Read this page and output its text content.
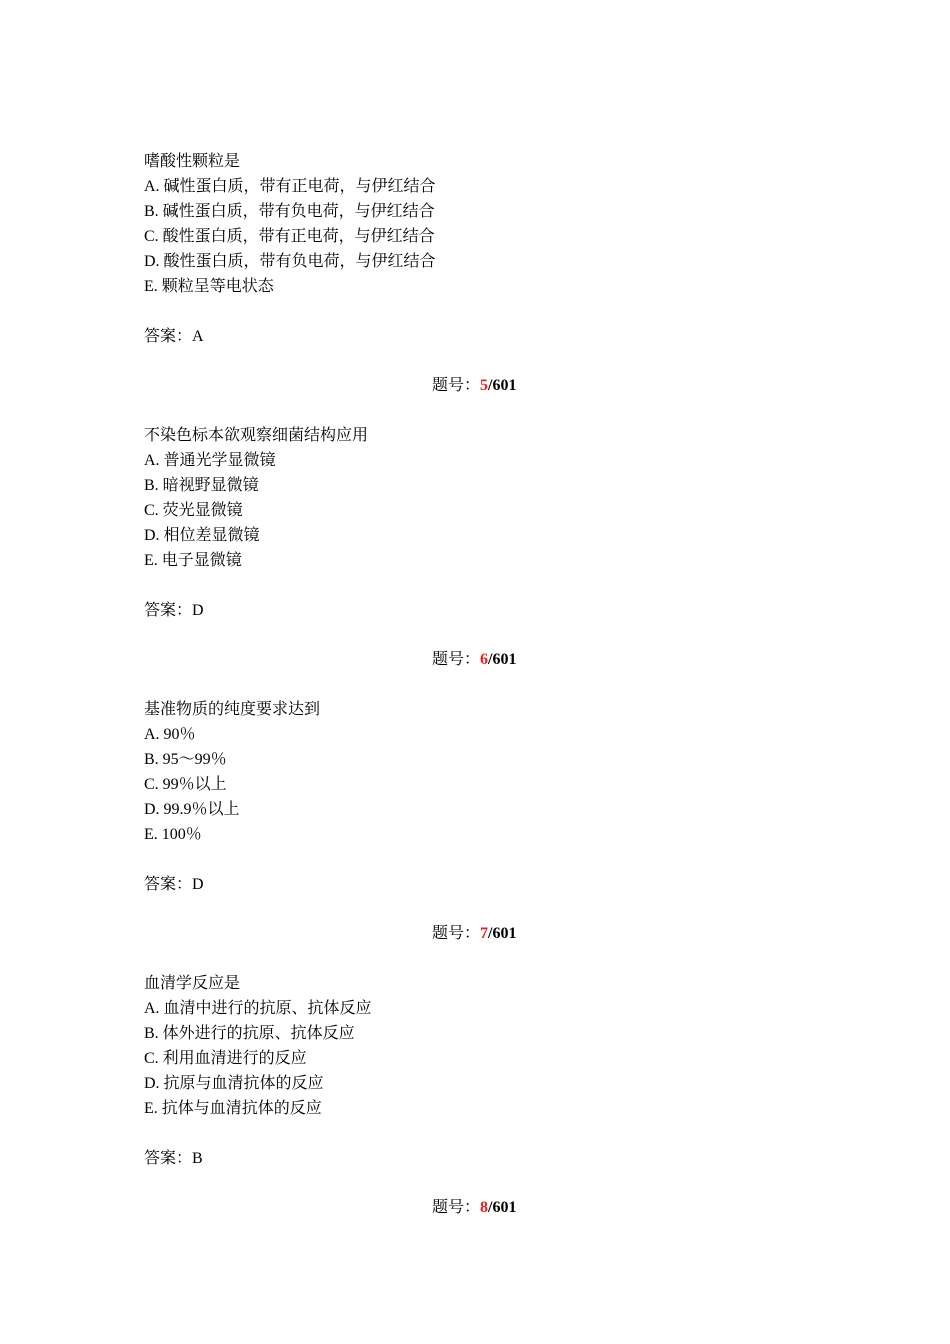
嗜酸性颗粒是
A. 碱性蛋白质，带有正电荷，与伊红结合
B. 碱性蛋白质，带有负电荷，与伊红结合
C. 酸性蛋白质，带有正电荷，与伊红结合
D. 酸性蛋白质，带有负电荷，与伊红结合
E. 颗粒呈等电状态
答案：A
题号：5/601
不染色标本欲观察细菌结构应用
A. 普通光学显微镜
B. 暗视野显微镜
C. 荧光显微镜
D. 相位差显微镜
E. 电子显微镜
答案：D
题号：6/601
基准物质的纯度要求达到
A. 90％
B. 95～99％
C. 99％以上
D. 99.9％以上
E. 100％
答案：D
题号：7/601
血清学反应是
A. 血清中进行的抗原、抗体反应
B. 体外进行的抗原、抗体反应
C. 利用血清进行的反应
D. 抗原与血清抗体的反应
E. 抗体与血清抗体的反应
答案：B
题号：8/601
